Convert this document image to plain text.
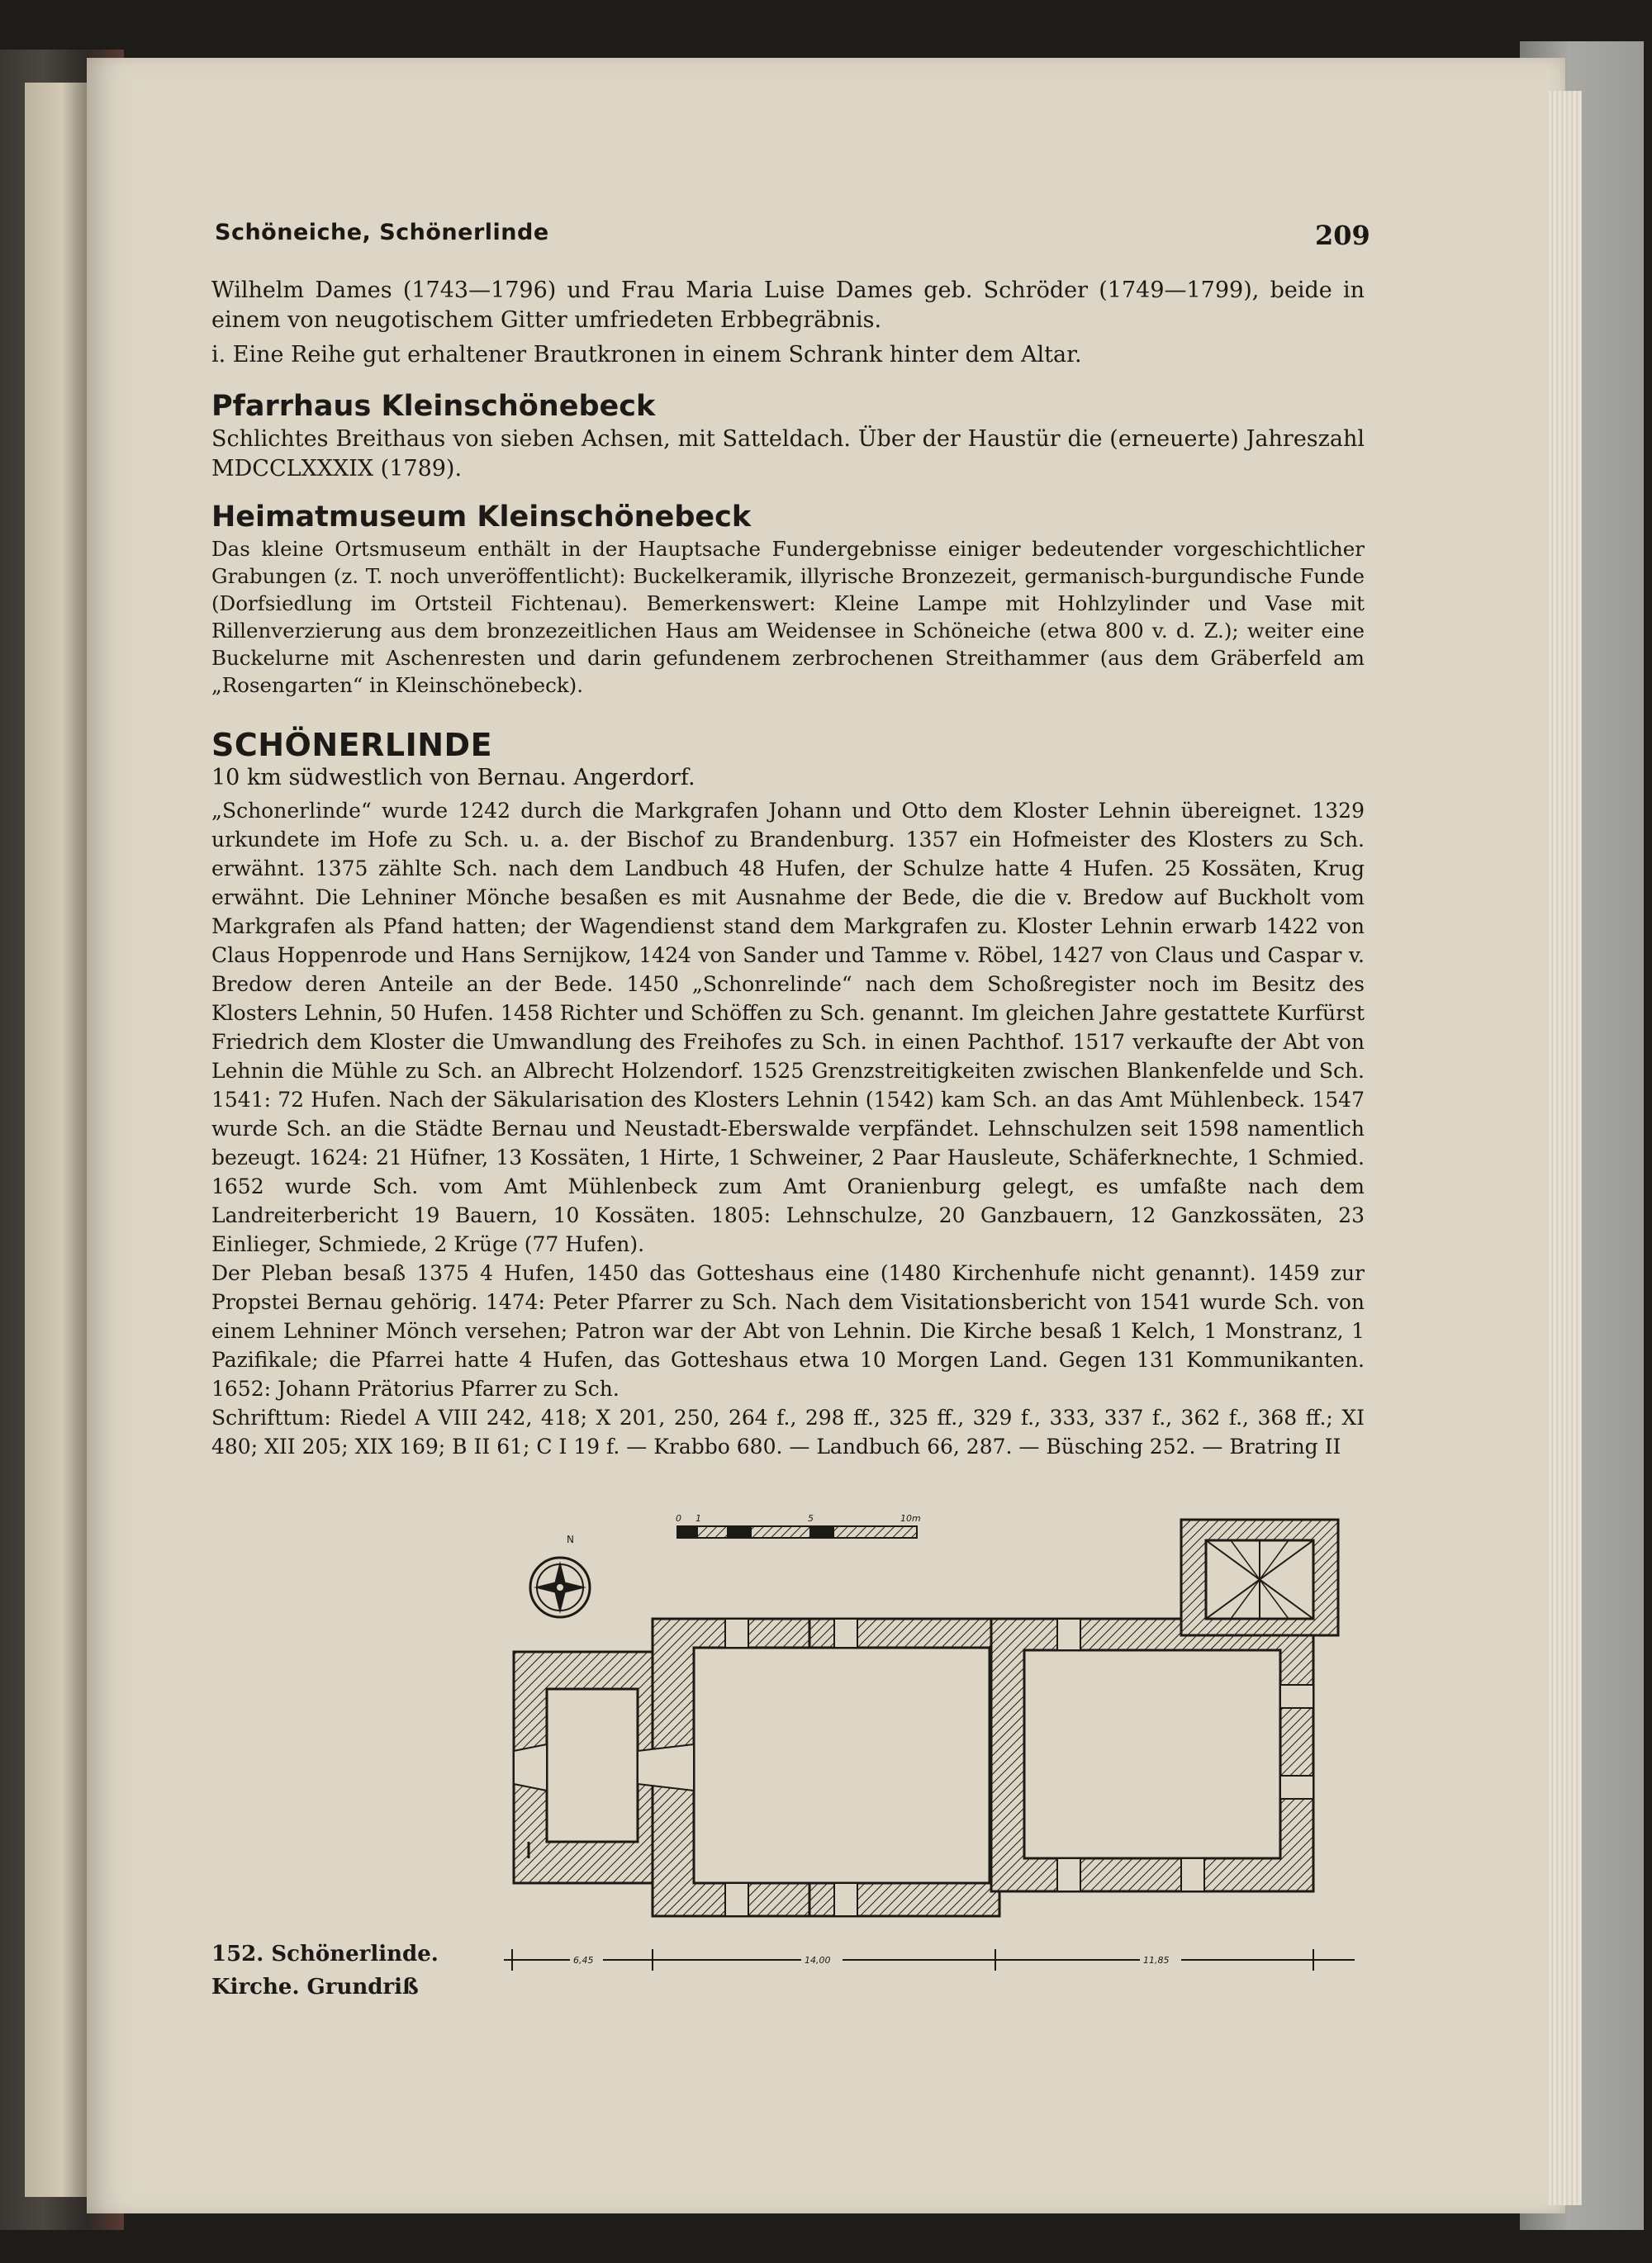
Schöneiche, Schönerlinde	209

Wilhelm Dames (1743—1796) und Frau Maria Luise Dames geb. Schröder (1749—1799), beide in einem von neugotischem Gitter umfriedeten Erbbegräbnis.

i. Eine Reihe gut erhaltener Brautkronen in einem Schrank hinter dem Altar.

Pfarrhaus Kleinschönebeck

Schlichtes Breithaus von sieben Achsen, mit Satteldach. Über der Haustür die (erneuerte) Jahreszahl MDCCLXXXIX (1789).

Heimatmuseum Kleinschönebeck

Das kleine Ortsmuseum enthält in der Hauptsache Fundergebnisse einiger bedeutender vorgeschichtlicher Grabungen (z. T. noch unveröffentlicht): Buckelkeramik, illyrische Bronzezeit, germanisch-burgundische Funde (Dorfsiedlung im Ortsteil Fichtenau). Bemerkenswert: Kleine Lampe mit Hohlzylinder und Vase mit Rillenverzierung aus dem bronzezeitlichen Haus am Weidensee in Schöneiche (etwa 800 v. d. Z.); weiter eine Buckelurne mit Aschenresten und darin gefundenem zerbrochenen Streithammer (aus dem Gräberfeld am „Rosengarten“ in Kleinschönebeck).

SCHÖNERLINDE

10 km südwestlich von Bernau. Angerdorf.

„Schonerlinde“ wurde 1242 durch die Markgrafen Johann und Otto dem Kloster Lehnin übereignet. 1329 urkundete im Hofe zu Sch. u. a. der Bischof zu Brandenburg. 1357 ein Hofmeister des Klosters zu Sch. erwähnt. 1375 zählte Sch. nach dem Landbuch 48 Hufen, der Schulze hatte 4 Hufen. 25 Kossäten, Krug erwähnt. Die Lehniner Mönche besaßen es mit Ausnahme der Bede, die die v. Bredow auf Buckholt vom Markgrafen als Pfand hatten; der Wagendienst stand dem Markgrafen zu. Kloster Lehnin erwarb 1422 von Claus Hoppenrode und Hans Sernijkow, 1424 von Sander und Tamme v. Röbel, 1427 von Claus und Caspar v. Bredow deren Anteile an der Bede. 1450 „Schonrelinde“ nach dem Schoßregister noch im Besitz des Klosters Lehnin, 50 Hufen. 1458 Richter und Schöffen zu Sch. genannt. Im gleichen Jahre gestattete Kurfürst Friedrich dem Kloster die Umwandlung des Freihofes zu Sch. in einen Pachthof. 1517 verkaufte der Abt von Lehnin die Mühle zu Sch. an Albrecht Holzendorf. 1525 Grenzstreitigkeiten zwischen Blankenfelde und Sch. 1541: 72 Hufen. Nach der Säkularisation des Klosters Lehnin (1542) kam Sch. an das Amt Mühlenbeck. 1547 wurde Sch. an die Städte Bernau und Neustadt-Eberswalde verpfändet. Lehnschulzen seit 1598 namentlich bezeugt. 1624: 21 Hüfner, 13 Kossäten, 1 Hirte, 1 Schweiner, 2 Paar Hausleute, Schäferknechte, 1 Schmied. 1652 wurde Sch. vom Amt Mühlenbeck zum Amt Oranienburg gelegt, es umfaßte nach dem Landreiterbericht 19 Bauern, 10 Kossäten. 1805: Lehnschulze, 20 Ganzbauern, 12 Ganzkossäten, 23 Einlieger, Schmiede, 2 Krüge (77 Hufen).

Der Pleban besaß 1375 4 Hufen, 1450 das Gotteshaus eine (1480 Kirchenhufe nicht genannt). 1459 zur Propstei Bernau gehörig. 1474: Peter Pfarrer zu Sch. Nach dem Visitationsbericht von 1541 wurde Sch. von einem Lehniner Mönch versehen; Patron war der Abt von Lehnin. Die Kirche besaß 1 Kelch, 1 Monstranz, 1 Pazifikale; die Pfarrei hatte 4 Hufen, das Gotteshaus etwa 10 Morgen Land. Gegen 131 Kommunikanten. 1652: Johann Prätorius Pfarrer zu Sch.

Schrifttum: Riedel A VIII 242, 418; X 201, 250, 264 f., 298 ff., 325 ff., 329 f., 333, 337 f., 362 f., 368 ff.; XI 480; XII 205; XIX 169; B II 61; C I 19 f. — Krabbo 680. — Landbuch 66, 287. — Büsching 252. — Bratring II

152. Schönerlinde.
Kirche. Grundriß
N
0 1	5	10m
6,45	14,00	11,85
